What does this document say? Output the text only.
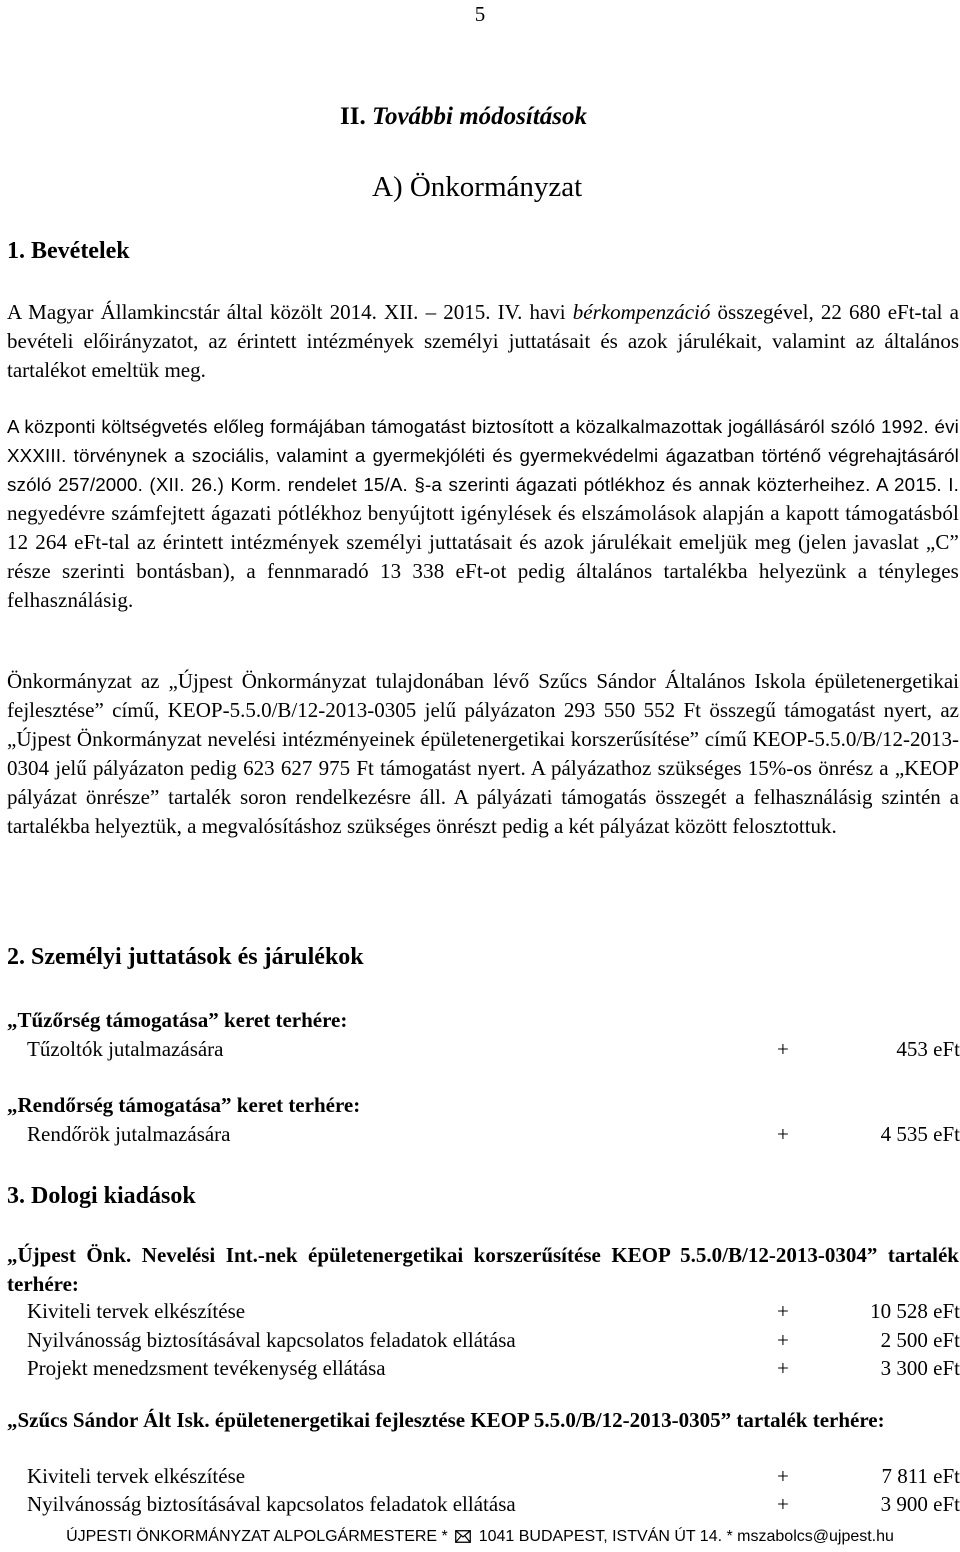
5
II. További módosítások
A) Önkormányzat
1. Bevételek
A Magyar Államkincstár által közölt 2014. XII. – 2015. IV. havi bérkompenzáció összegével, 22 680 eFt-tal a bevételi előirányzatot, az érintett intézmények személyi juttatásait és azok járulékait, valamint az általános tartalékot emeltük meg.
A központi költségvetés előleg formájában támogatást biztosított a közalkalmazottak jogállásáról szóló 1992. évi XXXIII. törvénynek a szociális, valamint a gyermekjóléti és gyermekvédelmi ágazatban történő végrehajtásáról szóló 257/2000. (XII. 26.) Korm. rendelet 15/A. §-a szerinti ágazati pótlékhoz és annak közterheihez. A 2015. I. negyedévre számfejtett ágazati pótlékhoz benyújtott igénylések és elszámolások alapján a kapott támogatásból 12 264 eFt-tal az érintett intézmények személyi juttatásait és azok járulékait emeljük meg (jelen javaslat „C” része szerinti bontásban), a fennmaradó 13 338 eFt-ot pedig általános tartalékba helyezünk a tényleges felhasználásig.
Önkormányzat az „Újpest Önkormányzat tulajdonában lévő Szűcs Sándor Általános Iskola épületenergetikai fejlesztése” című, KEOP-5.5.0/B/12-2013-0305 jelű pályázaton 293 550 552 Ft összegű támogatást nyert, az „Újpest Önkormányzat nevelési intézményeinek épületenergetikai korszerűsítése” című KEOP-5.5.0/B/12-2013-0304 jelű pályázaton pedig 623 627 975 Ft támogatást nyert. A pályázathoz szükséges 15%-os önrész a „KEOP pályázat önrésze” tartalék soron rendelkezésre áll. A pályázati támogatás összegét a felhasználásig szintén a tartalékba helyeztük, a megvalósításhoz szükséges önrészt pedig a két pályázat között felosztottuk.
2. Személyi juttatások és járulékok
„Tűzőrség támogatása” keret terhére:
Tűzoltók jutalmazására	+	453 eFt
„Rendőrség támogatása” keret terhére:
Rendőrök jutalmazására	+	4 535 eFt
3. Dologi kiadások
„Újpest Önk. Nevelési Int.-nek épületenergetikai korszerűsítése KEOP 5.5.0/B/12-2013-0304” tartalék terhére:
Kiviteli tervek elkészítése	+	10 528 eFt
Nyilvánosság biztosításával kapcsolatos feladatok ellátása	+	2 500 eFt
Projekt menedzsment tevékenység ellátása	+	3 300 eFt
„Szűcs Sándor Ált Isk. épületenergetikai fejlesztése KEOP 5.5.0/B/12-2013-0305” tartalék terhére:
Kiviteli tervek elkészítése	+	7 811 eFt
Nyilvánosság biztosításával kapcsolatos feladatok ellátása	+	3 900 eFt
ÚJPESTI ÖNKORMÁNYZAT ALPOLGÁRMESTERE * 1041 BUDAPEST, ISTVÁN ÚT 14. * mszabolcs@ujpest.hu
